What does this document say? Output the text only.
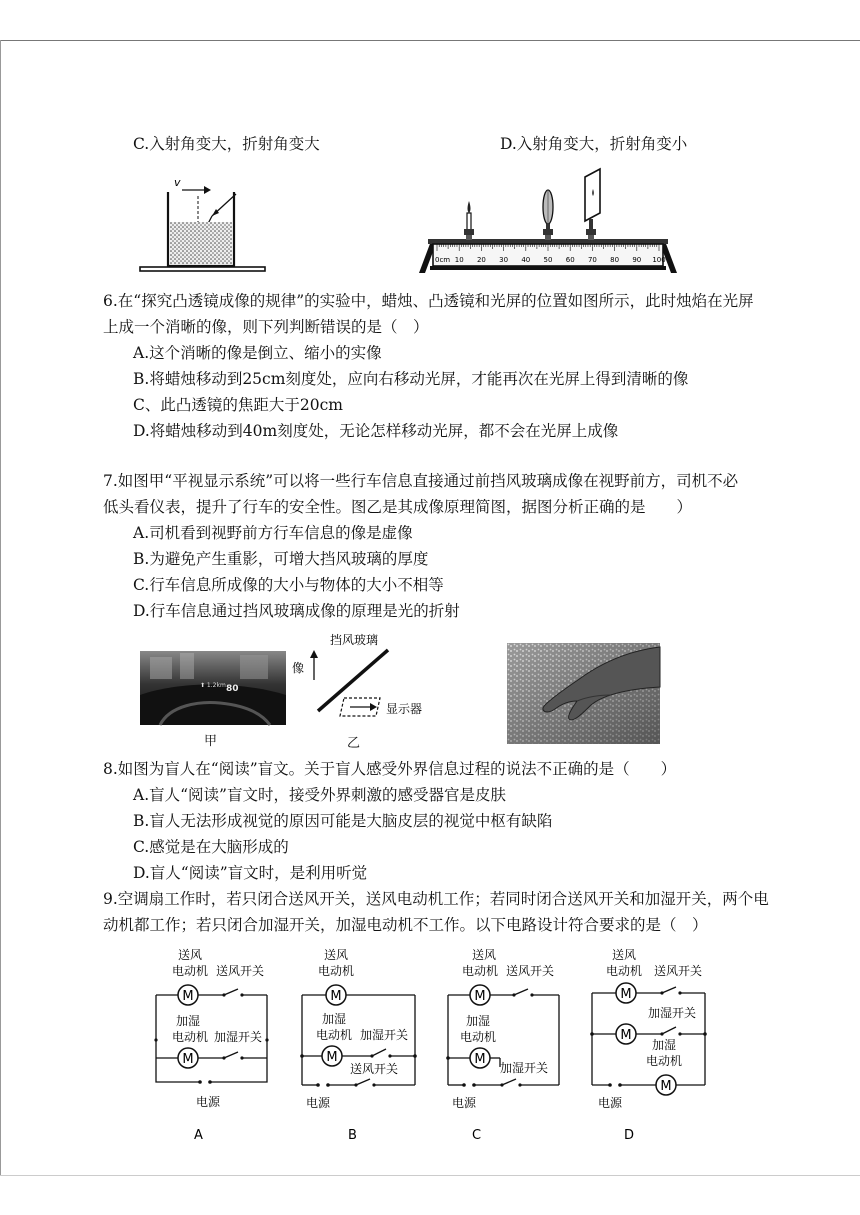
C.入射角变大，折射角变大	D.入射角变大，折射角变小
v
0cm 10 20 30 40 50 60 70 80 90 100
6.在“探究凸透镜成像的规律”的实验中，蜡烛、凸透镜和光屏的位置如图所示，此时烛焰在光屏
上成一个消晰的像，则下列判断错误的是（　）
A.这个消晰的像是倒立、缩小的实像
B.将蜡烛移动到25cm刻度处，应向右移动光屏，才能再次在光屏上得到清晰的像
C、此凸透镜的焦距大于20cm
D.将蜡烛移动到40m刻度处，无论怎样移动光屏，都不会在光屏上成像
7.如图甲“平视显示系统”可以将一些行车信息直接通过前挡风玻璃成像在视野前方，司机不必
低头看仪表，提升了行车的安全性。图乙是其成像原理简图，据图分析正确的是　　）
A.司机看到视野前方行车信息的像是虚像
B.为避免产生重影，可增大挡风玻璃的厚度
C.行车信息所成像的大小与物体的大小不相等
D.行车信息通过挡风玻璃成像的原理是光的折射
⬆ 1.2km 80
甲
挡风玻璃
像
显示器
乙
8.如图为盲人在“阅读”盲文。关于盲人感受外界信息过程的说法不正确的是（　　）
A.盲人“阅读”盲文时，接受外界刺激的感受器官是皮肤
B.盲人无法形成视觉的原因可能是大脑皮层的视觉中枢有缺陷
C.感觉是在大脑形成的
D.盲人“阅读”盲文时，是利用听觉
9.空调扇工作时，若只闭合送风开关，送风电动机工作；若同时闭合送风开关和加湿开关，两个电
动机都工作；若只闭合加湿开关，加湿电动机不工作。以下电路设计符合要求的是（　）
M
M
送风
电动机 送风开关
加湿
电动机 加湿开关
电源
A
M
M
送风
电动机
加湿
电动机 加湿开关
送风开关
电源
B
M
M
送风
电动机 送风开关
加湿
电动机
加湿开关
电源
C
M
M
M
送风
电动机 送风开关
加湿开关
加湿
电动机
电源
D
